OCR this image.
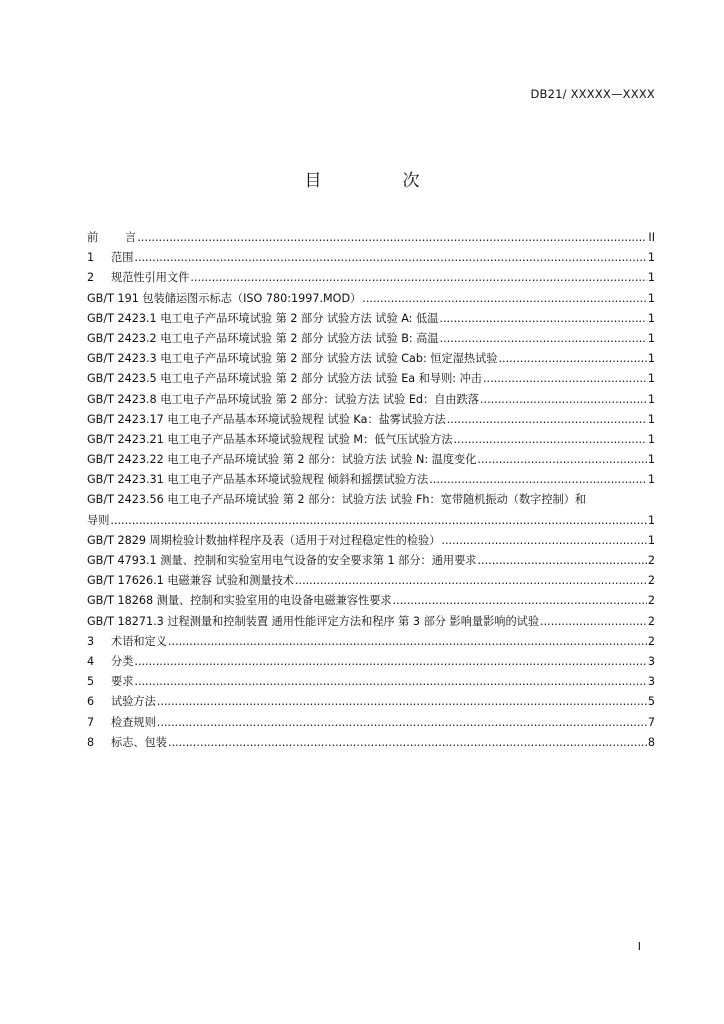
DB21/ XXXXX—XXXX
目　次
前	言 .....	II
1	范围 .....	1
2	规范性引用文件 .....	1
GB/T 191 包装储运图示标志（ISO 780:1997.MOD） .....	1
GB/T 2423.1 电工电子产品环境试验 第 2 部分 试验方法 试验 A: 低温 .....	1
GB/T 2423.2 电工电子产品环境试验 第 2 部分 试验方法 试验 B: 高温 .....	1
GB/T 2423.3 电工电子产品环境试验 第 2 部分 试验方法 试验 Cab: 恒定湿热试验 .....	1
GB/T 2423.5 电工电子产品环境试验 第 2 部分 试验方法 试验 Ea 和导则: 冲击 .....	1
GB/T 2423.8 电工电子产品环境试验 第 2 部分：试验方法 试验 Ed：自由跌落 .....	1
GB/T 2423.17 电工电子产品基本环境试验规程 试验 Ka：盐雾试验方法 .....	1
GB/T 2423.21 电工电子产品基本环境试验规程 试验 M：低气压试验方法 .....	1
GB/T 2423.22 电工电子产品环境试验 第 2 部分：试验方法 试验 N: 温度变化 .....	1
GB/T 2423.31 电工电子产品基本环境试验规程 倾斜和摇摆试验方法 .....	1
GB/T 2423.56 电工电子产品环境试验 第 2 部分：试验方法 试验 Fh：宽带随机振动（数字控制）和
导则 .....	1
GB/T 2829 周期检验计数抽样程序及表（适用于对过程稳定性的检验） .....	1
GB/T 4793.1 测量、控制和实验室用电气设备的安全要求第 1 部分：通用要求 .....	2
GB/T 17626.1 电磁兼容 试验和测量技术 .....	2
GB/T 18268 测量、控制和实验室用的电设备电磁兼容性要求 .....	2
GB/T 18271.3 过程测量和控制装置 通用性能评定方法和程序 第 3 部分 影响量影响的试验 .....	2
3	术语和定义 .....	2
4	分类 .....	3
5	要求 .....	3
6	试验方法 .....	5
7	检查规则 .....	7
8	标志、包装 .....	8
I
